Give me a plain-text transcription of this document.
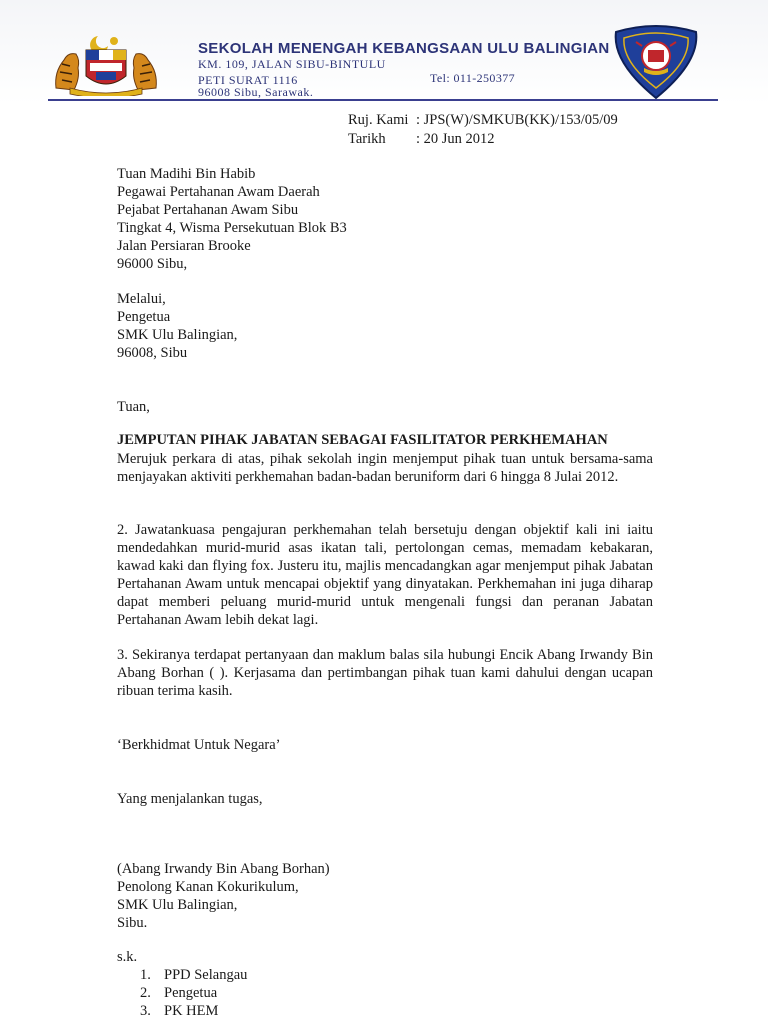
SEKOLAH MENENGAH KEBANGSAAN ULU BALINGIAN
KM. 109, JALAN SIBU-BINTULU
PETI SURAT 1116	Tel: 011-250377
96008 Sibu, Sarawak.
Ruj. Kami : JPS(W)/SMKUB(KK)/153/05/09
Tarikh : 20 Jun 2012
Tuan Madihi Bin Habib
Pegawai Pertahanan Awam Daerah
Pejabat Pertahanan Awam Sibu
Tingkat 4, Wisma Persekutuan Blok B3
Jalan Persiaran Brooke
96000 Sibu,
Melalui,
Pengetua
SMK Ulu Balingian,
96008, Sibu
Tuan,
JEMPUTAN PIHAK JABATAN SEBAGAI FASILITATOR PERKHEMAHAN
Merujuk perkara di atas, pihak sekolah ingin menjemput pihak tuan untuk bersama-sama menjayakan aktiviti perkhemahan badan-badan beruniform dari 6 hingga 8 Julai 2012.
2. Jawatankuasa pengajuran perkhemahan telah bersetuju dengan objektif kali ini iaitu mendedahkan murid-murid asas ikatan tali, pertolongan cemas, memadam kebakaran, kawad kaki dan flying fox. Justeru itu, majlis mencadangkan agar menjemput pihak Jabatan Pertahanan Awam untuk mencapai objektif yang dinyatakan. Perkhemahan ini juga diharap dapat memberi peluang murid-murid untuk mengenali fungsi dan peranan Jabatan Pertahanan Awam lebih dekat lagi.
3. Sekiranya terdapat pertanyaan dan maklum balas sila hubungi Encik Abang Irwandy Bin Abang Borhan ( ). Kerjasama dan pertimbangan pihak tuan kami dahului dengan ucapan ribuan terima kasih.
‘Berkhidmat Untuk Negara’
Yang menjalankan tugas,
(Abang Irwandy Bin Abang Borhan)
Penolong Kanan Kokurikulum,
SMK Ulu Balingian,
Sibu.
s.k.
1. PPD Selangau
2. Pengetua
3. PK HEM
